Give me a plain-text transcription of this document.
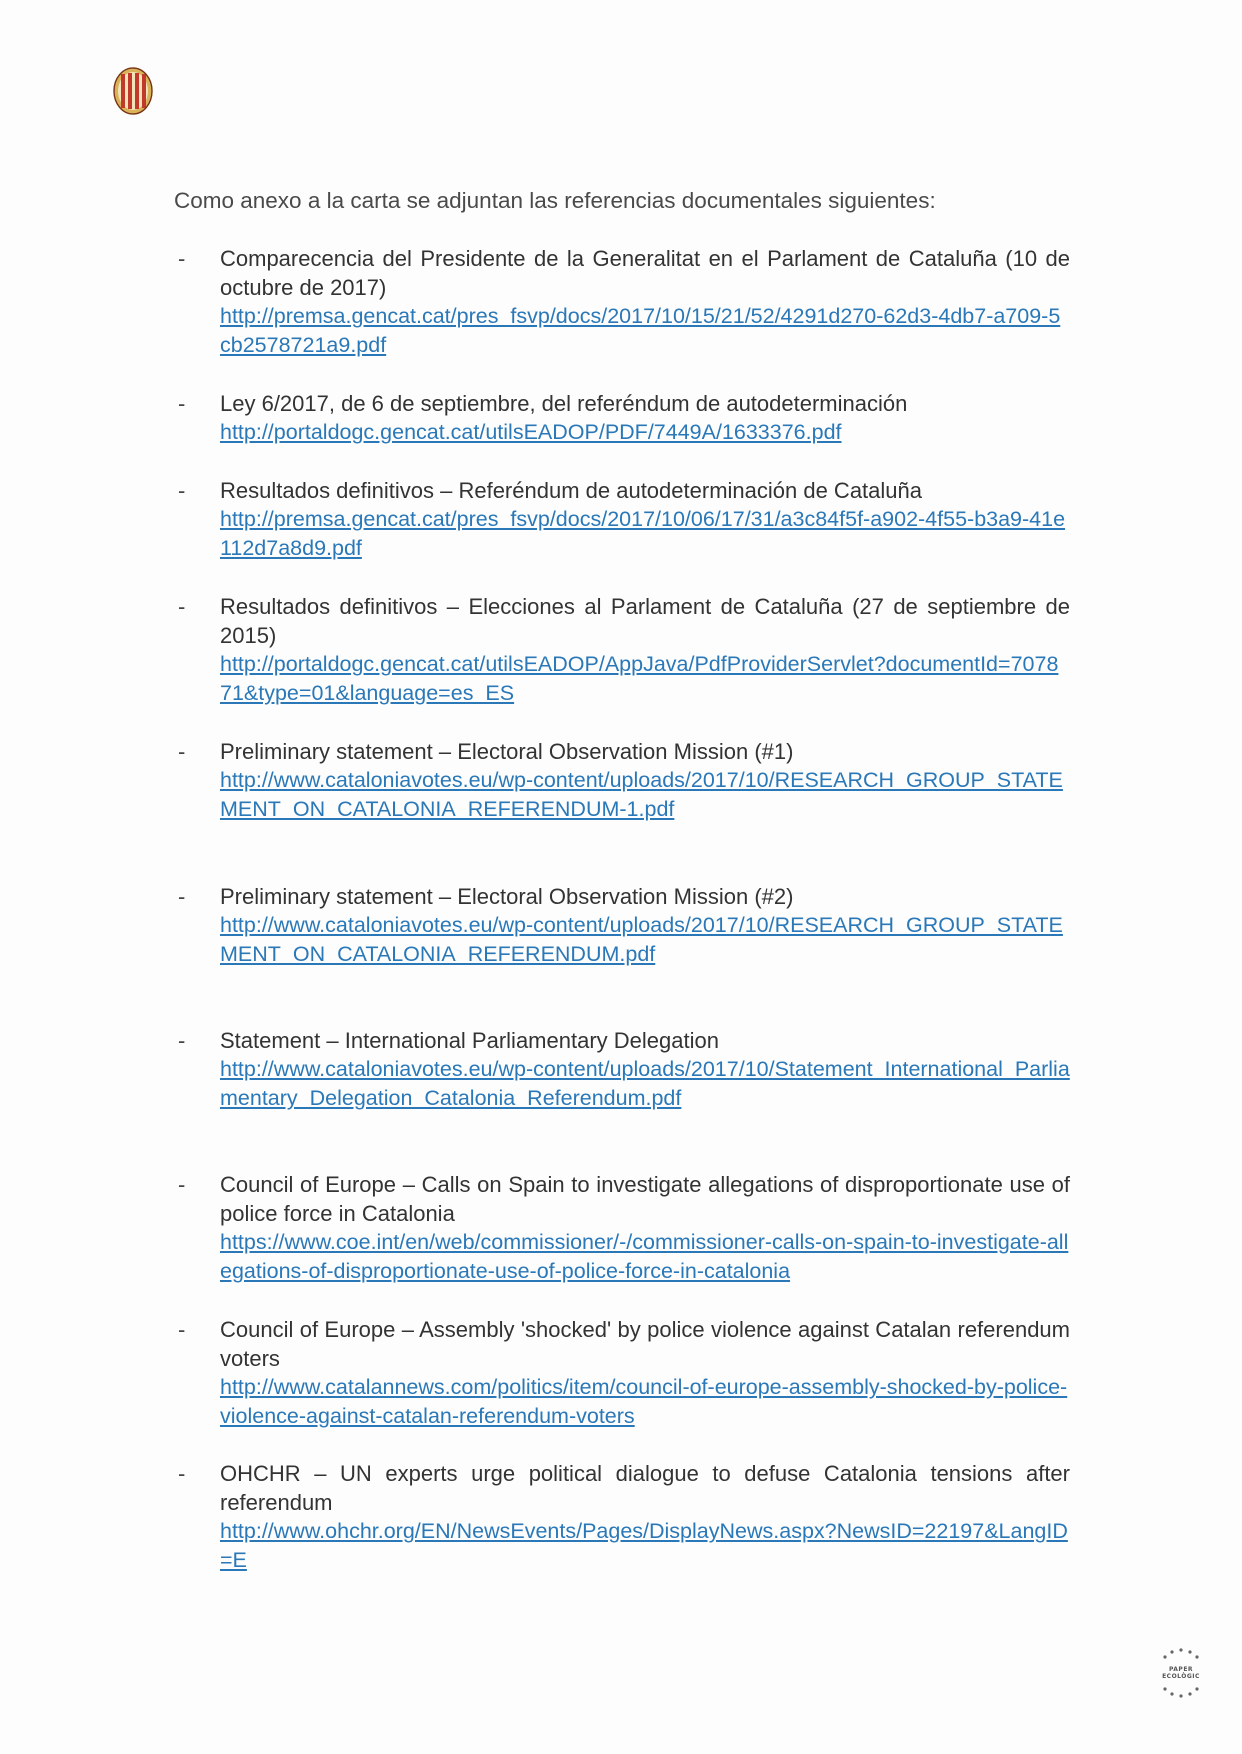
Como anexo a la carta se adjuntan las referencias documentales siguientes:

- Comparecencia del Presidente de la Generalitat en el Parlament de Cataluña (10 de octubre de 2017)
http://premsa.gencat.cat/pres_fsvp/docs/2017/10/15/21/52/4291d270-62d3-4db7-a709-5cb2578721a9.pdf
- Ley 6/2017, de 6 de septiembre, del referéndum de autodeterminación
http://portaldogc.gencat.cat/utilsEADOP/PDF/7449A/1633376.pdf
- Resultados definitivos – Referéndum de autodeterminación de Cataluña
http://premsa.gencat.cat/pres_fsvp/docs/2017/10/06/17/31/a3c84f5f-a902-4f55-b3a9-41e112d7a8d9.pdf
- Resultados definitivos – Elecciones al Parlament de Cataluña (27 de septiembre de 2015)
http://portaldogc.gencat.cat/utilsEADOP/AppJava/PdfProviderServlet?documentId=707871&type=01&language=es_ES
- Preliminary statement – Electoral Observation Mission (#1)
http://www.cataloniavotes.eu/wp-content/uploads/2017/10/RESEARCH_GROUP_STATEMENT_ON_CATALONIA_REFERENDUM-1.pdf
- Preliminary statement – Electoral Observation Mission (#2)
http://www.cataloniavotes.eu/wp-content/uploads/2017/10/RESEARCH_GROUP_STATEMENT_ON_CATALONIA_REFERENDUM.pdf
- Statement – International Parliamentary Delegation
http://www.cataloniavotes.eu/wp-content/uploads/2017/10/Statement_International_Parliamentary_Delegation_Catalonia_Referendum.pdf
- Council of Europe – Calls on Spain to investigate allegations of disproportionate use of police force in Catalonia
https://www.coe.int/en/web/commissioner/-/commissioner-calls-on-spain-to-investigate-allegations-of-disproportionate-use-of-police-force-in-catalonia
- Council of Europe – Assembly 'shocked' by police violence against Catalan referendum voters
http://www.catalannews.com/politics/item/council-of-europe-assembly-shocked-by-police-violence-against-catalan-referendum-voters
- OHCHR – UN experts urge political dialogue to defuse Catalonia tensions after referendum
http://www.ohchr.org/EN/NewsEvents/Pages/DisplayNews.aspx?NewsID=22197&LangID=E
PAPER ECOLÒGIC
